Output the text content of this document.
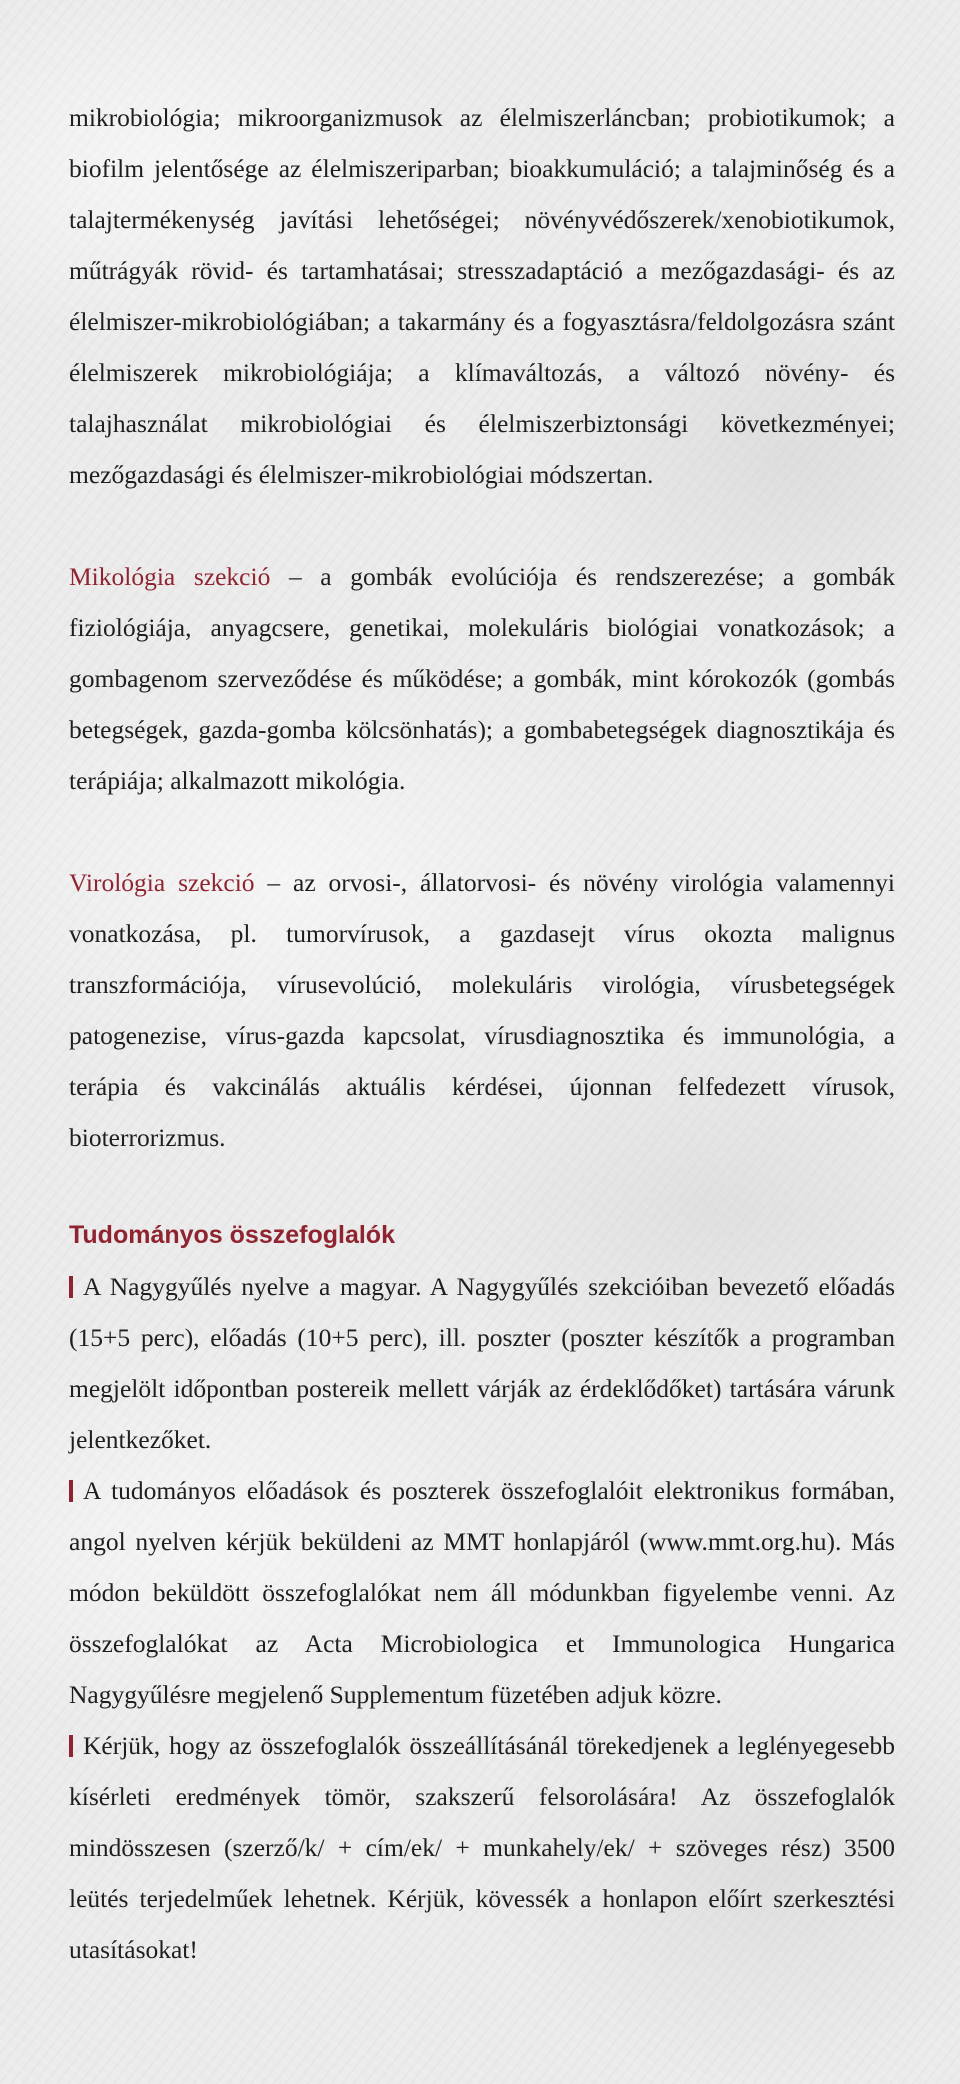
mikrobiológia; mikroorganizmusok az élelmiszerláncban; probiotikumok; a biofilm jelentősége az élelmiszeriparban; bioakkumuláció; a talajminőség és a talajtermékenység javítási lehetőségei; növényvédőszerek/xenobiotikumok, műtrágyák rövid- és tartamhatásai; stresszadaptáció a mezőgazdasági- és az élelmiszer-mikrobiológiában; a takarmány és a fogyasztásra/feldolgozásra szánt élelmiszerek mikrobiológiája; a klímaváltozás, a változó növény- és talajhasználat mikrobiológiai és élelmiszerbiztonsági következményei; mezőgazdasági és élelmiszer-mikrobiológiai módszertan.

Mikológia szekció – a gombák evolúciója és rendszerezése; a gombák fiziológiája, anyagcsere, genetikai, molekuláris biológiai vonatkozások; a gombagenom szerveződése és működése; a gombák, mint kórokozók (gombás betegségek, gazda-gomba kölcsönhatás); a gombabetegségek diagnosztikája és terápiája; alkalmazott mikológia.

Virológia szekció – az orvosi-, állatorvosi- és növény virológia valamennyi vonatkozása, pl. tumorvírusok, a gazdasejt vírus okozta malignus transzformációja, vírusevolúció, molekuláris virológia, vírusbetegségek patogenezise, vírus-gazda kapcsolat, vírusdiagnosztika és immunológia, a terápia és vakcinálás aktuális kérdései, újonnan felfedezett vírusok, bioterrorizmus.

Tudományos összefoglalók

A Nagygyűlés nyelve a magyar. A Nagygyűlés szekcióiban bevezető előadás (15+5 perc), előadás (10+5 perc), ill. poszter (poszter készítők a programban megjelölt időpontban postereik mellett várják az érdeklődőket) tartására várunk jelentkezőket.

A tudományos előadások és poszterek összefoglalóit elektronikus formában, angol nyelven kérjük beküldeni az MMT honlapjáról (www.mmt.org.hu). Más módon beküldött összefoglalókat nem áll módunkban figyelembe venni. Az összefoglalókat az Acta Microbiologica et Immunologica Hungarica Nagygyűlésre megjelenő Supplementum füzetében adjuk közre.

Kérjük, hogy az összefoglalók összeállításánál törekedjenek a leglényegesebb kísérleti eredmények tömör, szakszerű felsorolására! Az összefoglalók mindösszesen (szerző/k/ + cím/ek/ + munkahely/ek/ + szöveges rész) 3500 leütés terjedelműek lehetnek. Kérjük, kövessék a honlapon előírt szerkesztési utasításokat!
